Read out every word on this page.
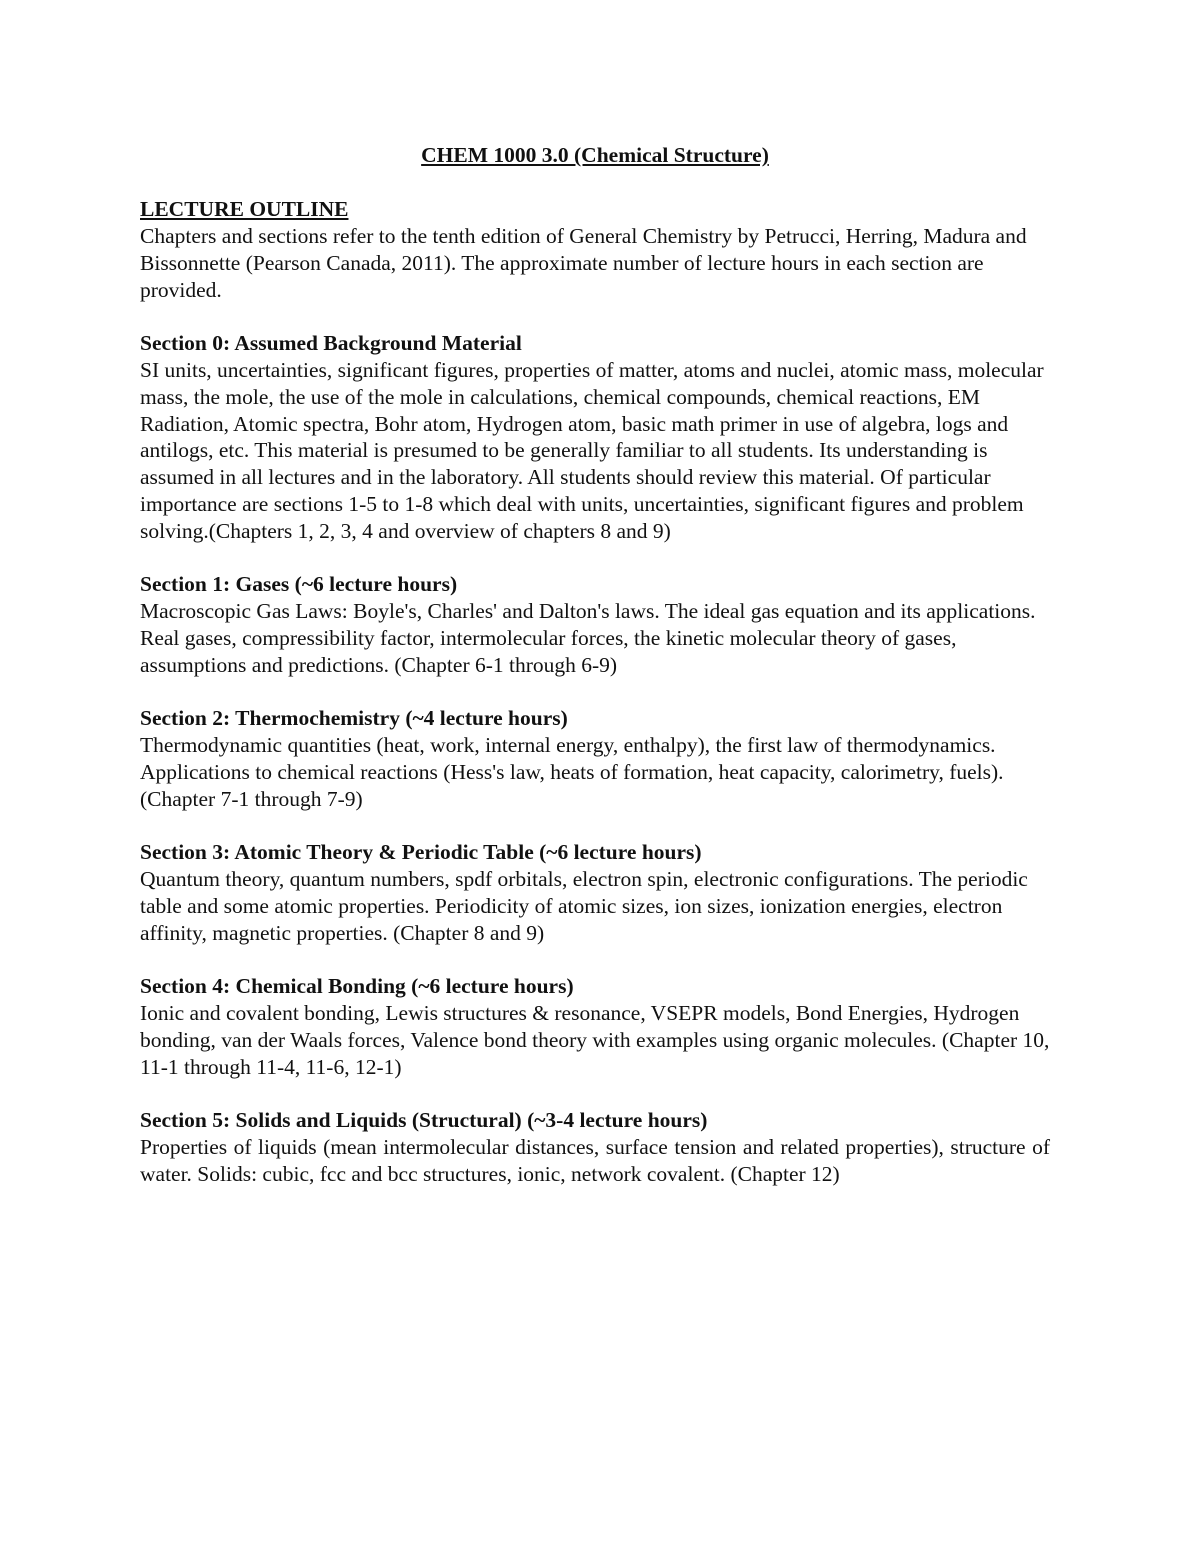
CHEM 1000 3.0 (Chemical Structure)
LECTURE OUTLINE

Chapters and sections refer to the tenth edition of General Chemistry by Petrucci, Herring, Madura and Bissonnette (Pearson Canada, 2011). The approximate number of lecture hours in each section are provided.

Section 0: Assumed Background Material

SI units, uncertainties, significant figures, properties of matter, atoms and nuclei, atomic mass, molecular mass, the mole, the use of the mole in calculations, chemical compounds, chemical reactions, EM Radiation, Atomic spectra, Bohr atom, Hydrogen atom, basic math primer in use of algebra, logs and antilogs, etc. This material is presumed to be generally familiar to all students. Its understanding is assumed in all lectures and in the laboratory. All students should review this material. Of particular importance are sections 1-5 to 1-8 which deal with units, uncertainties, significant figures and problem solving.(Chapters 1, 2, 3, 4 and overview of chapters 8 and 9)

Section 1: Gases (~6 lecture hours)

Macroscopic Gas Laws: Boyle's, Charles' and Dalton's laws. The ideal gas equation and its applications. Real gases, compressibility factor, intermolecular forces, the kinetic molecular theory of gases, assumptions and predictions. (Chapter 6-1 through 6-9)

Section 2: Thermochemistry (~4 lecture hours)

Thermodynamic quantities (heat, work, internal energy, enthalpy), the first law of thermodynamics. Applications to chemical reactions (Hess's law, heats of formation, heat capacity, calorimetry, fuels). (Chapter 7-1 through 7-9)

Section 3: Atomic Theory & Periodic Table (~6 lecture hours)

Quantum theory, quantum numbers, spdf orbitals, electron spin, electronic configurations. The periodic table and some atomic properties. Periodicity of atomic sizes, ion sizes, ionization energies, electron affinity, magnetic properties. (Chapter 8 and 9)

Section 4: Chemical Bonding (~6 lecture hours)

Ionic and covalent bonding, Lewis structures & resonance, VSEPR models, Bond Energies, Hydrogen bonding, van der Waals forces, Valence bond theory with examples using organic molecules. (Chapter 10, 11-1 through 11-4, 11-6, 12-1)

Section 5: Solids and Liquids (Structural) (~3-4 lecture hours)

Properties of liquids (mean intermolecular distances, surface tension and related properties), structure of water. Solids: cubic, fcc and bcc structures, ionic, network covalent. (Chapter 12)
